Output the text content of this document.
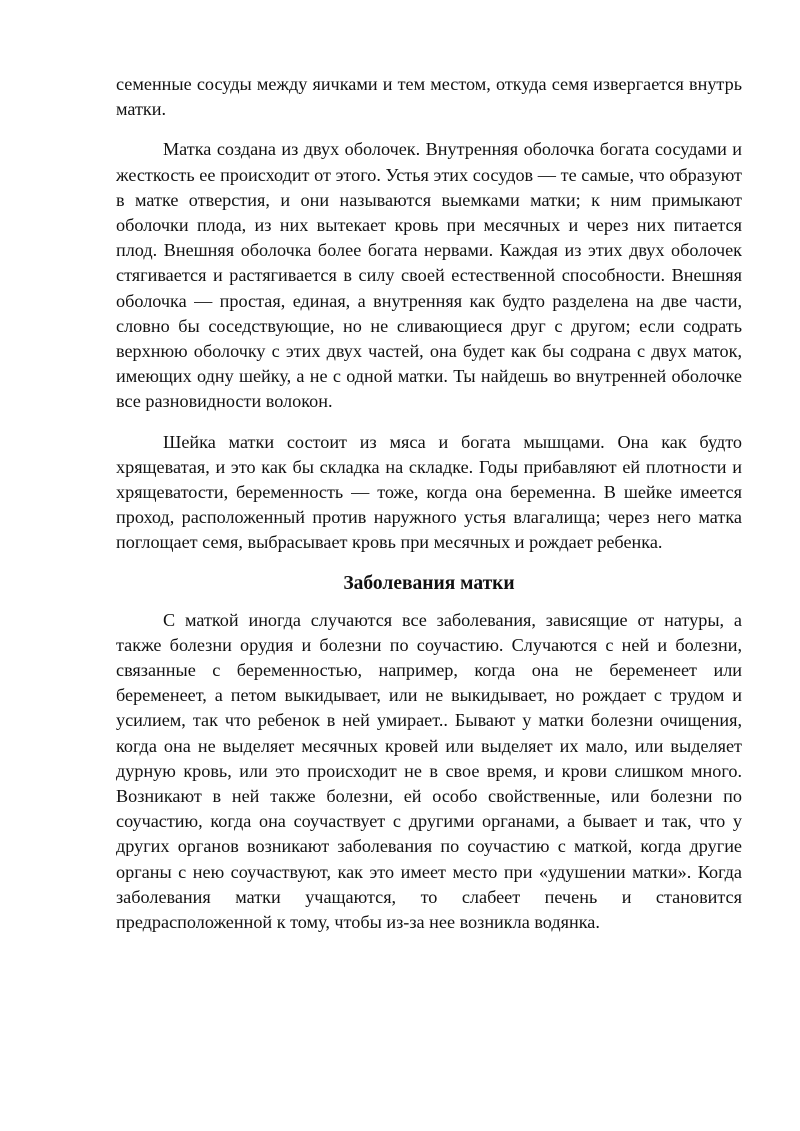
семенные сосуды между яичками и тем местом, откуда семя извергается внутрь матки.

Матка создана из двух оболочек. Внутренняя оболочка богата сосудами и жесткость ее происходит от этого. Устья этих сосудов — те самые, что образуют в матке отверстия, и они называются выемками матки; к ним примыкают оболочки плода, из них вытекает кровь при месячных и через них питается плод. Внешняя оболочка более богата нервами. Каждая из этих двух оболочек стягивается и растягивается в силу своей естественной способности. Внешняя оболочка — простая, единая, а внутренняя как будто разделена на две части, словно бы соседствующие, но не сливающиеся друг с другом; если содрать верхнюю оболочку с этих двух частей, она будет как бы содрана с двух маток, имеющих одну шейку, а не с одной матки. Ты найдешь во внутренней оболочке все разновидности волокон.

Шейка матки состоит из мяса и богата мышцами. Она как будто хрящеватая, и это как бы складка на складке. Годы прибавляют ей плотности и хрящеватости, беременность — тоже, когда она беременна. В шейке имеется проход, расположенный против наружного устья влагалища; через него матка поглощает семя, выбрасывает кровь при месячных и рождает ребенка.

Заболевания матки

С маткой иногда случаются все заболевания, зависящие от натуры, а также болезни орудия и болезни по соучастию. Случаются с ней и болезни, связанные с беременностью, например, когда она не беременеет или беременеет, а петом выкидывает, или не выкидывает, но рождает с трудом и усилием, так что ребенок в ней умирает.. Бывают у матки болезни очищения, когда она не выделяет месячных кровей или выделяет их мало, или выделяет дурную кровь, или это происходит не в свое время, и крови слишком много. Возникают в ней также болезни, ей особо свойственные, или болезни по соучастию, когда она соучаствует с другими органами, а бывает и так, что у других органов возникают заболевания по соучастию с маткой, когда другие органы с нею соучаствуют, как это имеет место при «удушении матки». Когда заболевания матки учащаются, то слабеет печень и становится предрасположенной к тому, чтобы из-за нее возникла водянка.
